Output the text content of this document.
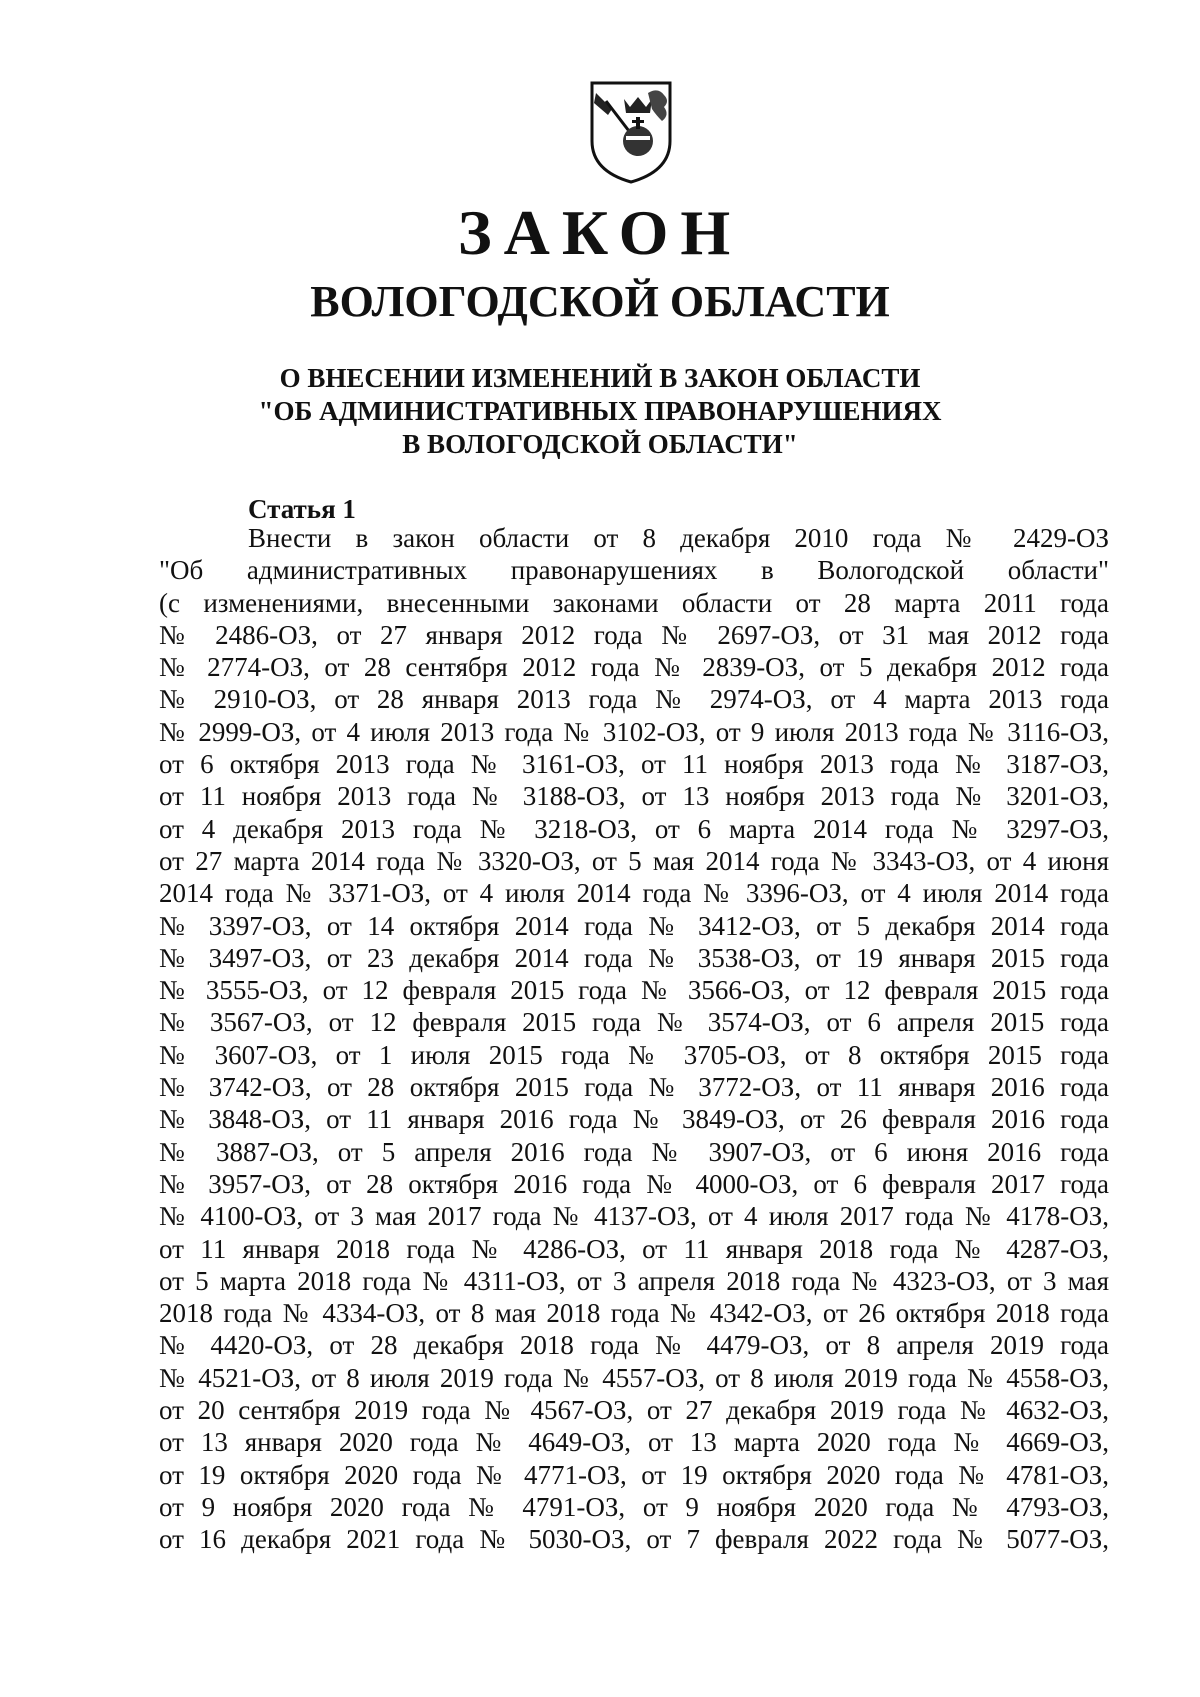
ЗАКОН
ВОЛОГОДСКОЙ ОБЛАСТИ
О ВНЕСЕНИИ ИЗМЕНЕНИЙ В ЗАКОН ОБЛАСТИ
"ОБ АДМИНИСТРАТИВНЫХ ПРАВОНАРУШЕНИЯХ
В ВОЛОГОДСКОЙ ОБЛАСТИ"
Статья 1
Внести в закон области от 8 декабря 2010 года № 2429-ОЗ
"Об административных правонарушениях в Вологодской области"
(с изменениями, внесенными законами области от 28 марта 2011 года
№ 2486-ОЗ, от 27 января 2012 года № 2697-ОЗ, от 31 мая 2012 года
№ 2774-ОЗ, от 28 сентября 2012 года № 2839-ОЗ, от 5 декабря 2012 года
№ 2910-ОЗ, от 28 января 2013 года № 2974-ОЗ, от 4 марта 2013 года
№ 2999-ОЗ, от 4 июля 2013 года № 3102-ОЗ, от 9 июля 2013 года № 3116-ОЗ,
от 6 октября 2013 года № 3161-ОЗ, от 11 ноября 2013 года № 3187-ОЗ,
от 11 ноября 2013 года № 3188-ОЗ, от 13 ноября 2013 года № 3201-ОЗ,
от 4 декабря 2013 года № 3218-ОЗ, от 6 марта 2014 года № 3297-ОЗ,
от 27 марта 2014 года № 3320-ОЗ, от 5 мая 2014 года № 3343-ОЗ, от 4 июня
2014 года № 3371-ОЗ, от 4 июля 2014 года № 3396-ОЗ, от 4 июля 2014 года
№ 3397-ОЗ, от 14 октября 2014 года № 3412-ОЗ, от 5 декабря 2014 года
№ 3497-ОЗ, от 23 декабря 2014 года № 3538-ОЗ, от 19 января 2015 года
№ 3555-ОЗ, от 12 февраля 2015 года № 3566-ОЗ, от 12 февраля 2015 года
№ 3567-ОЗ, от 12 февраля 2015 года № 3574-ОЗ, от 6 апреля 2015 года
№ 3607-ОЗ, от 1 июля 2015 года № 3705-ОЗ, от 8 октября 2015 года
№ 3742-ОЗ, от 28 октября 2015 года № 3772-ОЗ, от 11 января 2016 года
№ 3848-ОЗ, от 11 января 2016 года № 3849-ОЗ, от 26 февраля 2016 года
№ 3887-ОЗ, от 5 апреля 2016 года № 3907-ОЗ, от 6 июня 2016 года
№ 3957-ОЗ, от 28 октября 2016 года № 4000-ОЗ, от 6 февраля 2017 года
№ 4100-ОЗ, от 3 мая 2017 года № 4137-ОЗ, от 4 июля 2017 года № 4178-ОЗ,
от 11 января 2018 года № 4286-ОЗ, от 11 января 2018 года № 4287-ОЗ,
от 5 марта 2018 года № 4311-ОЗ, от 3 апреля 2018 года № 4323-ОЗ, от 3 мая
2018 года № 4334-ОЗ, от 8 мая 2018 года № 4342-ОЗ, от 26 октября 2018 года
№ 4420-ОЗ, от 28 декабря 2018 года № 4479-ОЗ, от 8 апреля 2019 года
№ 4521-ОЗ, от 8 июля 2019 года № 4557-ОЗ, от 8 июля 2019 года № 4558-ОЗ,
от 20 сентября 2019 года № 4567-ОЗ, от 27 декабря 2019 года № 4632-ОЗ,
от 13 января 2020 года № 4649-ОЗ, от 13 марта 2020 года № 4669-ОЗ,
от 19 октября 2020 года № 4771-ОЗ, от 19 октября 2020 года № 4781-ОЗ,
от 9 ноября 2020 года № 4791-ОЗ, от 9 ноября 2020 года № 4793-ОЗ,
от 16 декабря 2021 года № 5030-ОЗ, от 7 февраля 2022 года № 5077-ОЗ,
